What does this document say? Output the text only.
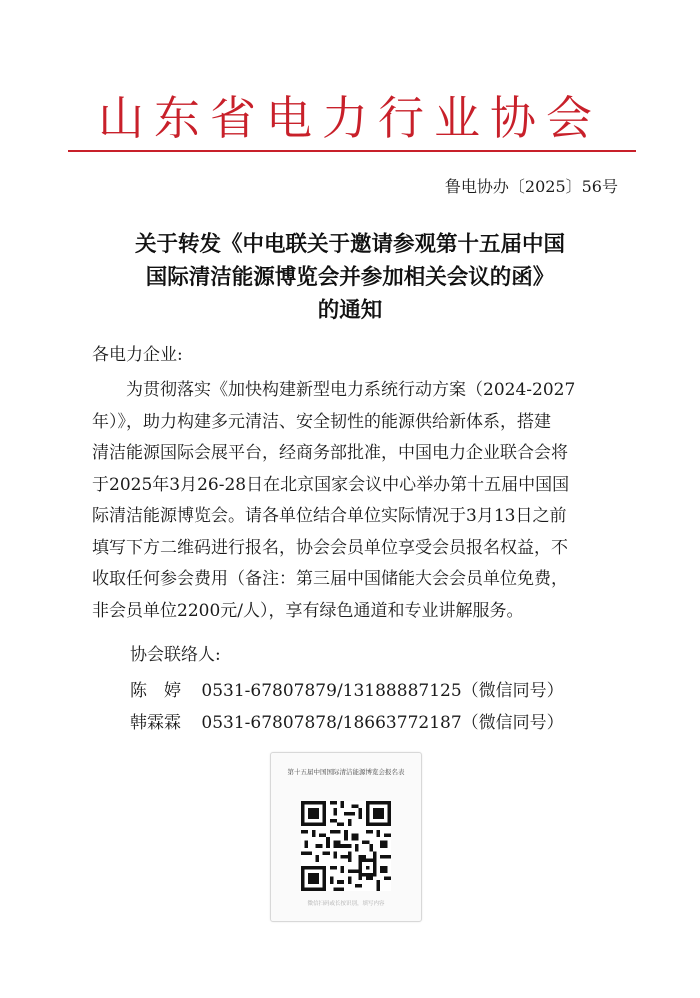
山东省电力行业协会
鲁电协办〔2025〕56号
关于转发《中电联关于邀请参观第十五届中国
国际清洁能源博览会并参加相关会议的函》
的通知
各电力企业:
　　为贯彻落实《加快构建新型电力系统行动方案（2024-2027
年）》，助力构建多元清洁、安全韧性的能源供给新体系，搭建
清洁能源国际会展平台，经商务部批准，中国电力企业联合会将
于2025年3月26-28日在北京国家会议中心举办第十五届中国国
际清洁能源博览会。请各单位结合单位实际情况于3月13日之前
填写下方二维码进行报名，协会会员单位享受会员报名权益，不
收取任何参会费用（备注：第三届中国储能大会会员单位免费，
非会员单位2200元/人），享有绿色通道和专业讲解服务。
协会联络人:
陈　婷 0531-67807879/13188887125（微信同号）
韩霖霖 0531-67807878/18663772187（微信同号）
第十五届中国国际清洁能源博览会报名表
微信扫码或长按识别，填写内容
